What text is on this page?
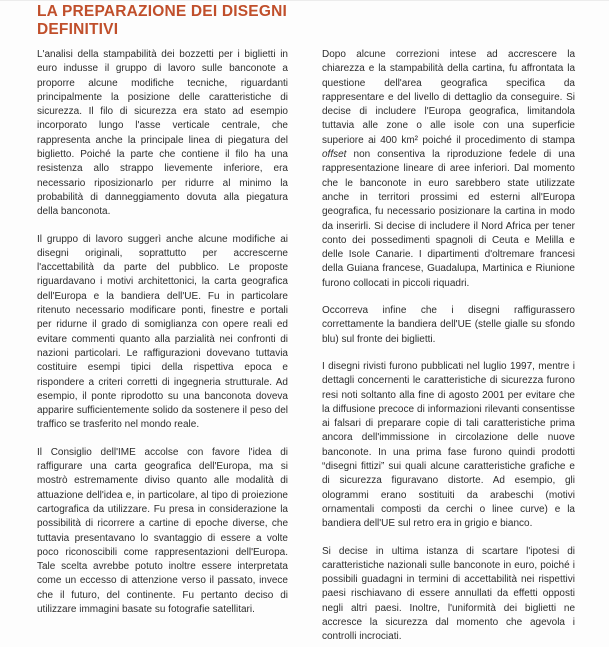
LA PREPARAZIONE DEI DISEGNI DEFINITIVI

L'analisi della stampabilità dei bozzetti per i biglietti in euro indusse il gruppo di lavoro sulle banconote a proporre alcune modifiche tecniche, riguardanti principalmente la posizione delle caratteristiche di sicurezza. Il filo di sicurezza era stato ad esempio incorporato lungo l'asse verticale centrale, che rappresenta anche la principale linea di piegatura del biglietto. Poiché la parte che contiene il filo ha una resistenza allo strappo lievemente inferiore, era necessario riposizionarlo per ridurre al minimo la probabilità di danneggiamento dovuta alla piegatura della banconota.

Il gruppo di lavoro suggerì anche alcune modifiche ai disegni originali, soprattutto per accrescerne l'accettabilità da parte del pubblico. Le proposte riguardavano i motivi architettonici, la carta geografica dell'Europa e la bandiera dell'UE. Fu in particolare ritenuto necessario modificare ponti, finestre e portali per ridurne il grado di somiglianza con opere reali ed evitare commenti quanto alla parzialità nei confronti di nazioni particolari. Le raffigurazioni dovevano tuttavia costituire esempi tipici della rispettiva epoca e rispondere a criteri corretti di ingegneria strutturale. Ad esempio, il ponte riprodotto su una banconota doveva apparire sufficientemente solido da sostenere il peso del traffico se trasferito nel mondo reale.

Il Consiglio dell'IME accolse con favore l'idea di raffigurare una carta geografica dell'Europa, ma si mostrò estremamente diviso quanto alle modalità di attuazione dell'idea e, in particolare, al tipo di proiezione cartografica da utilizzare. Fu presa in considerazione la possibilità di ricorrere a cartine di epoche diverse, che tuttavia presentavano lo svantaggio di essere a volte poco riconoscibili come rappresentazioni dell'Europa. Tale scelta avrebbe potuto inoltre essere interpretata come un eccesso di attenzione verso il passato, invece che il futuro, del continente. Fu pertanto deciso di utilizzare immagini basate su fotografie satellitari.

Dopo alcune correzioni intese ad accrescere la chiarezza e la stampabilità della cartina, fu affrontata la questione dell'area geografica specifica da rappresentare e del livello di dettaglio da conseguire. Si decise di includere l'Europa geografica, limitandola tuttavia alle zone o alle isole con una superficie superiore ai 400 km² poiché il procedimento di stampa offset non consentiva la riproduzione fedele di una rappresentazione lineare di aree inferiori. Dal momento che le banconote in euro sarebbero state utilizzate anche in territori prossimi ed esterni all'Europa geografica, fu necessario posizionare la cartina in modo da inserirli. Si decise di includere il Nord Africa per tener conto dei possedimenti spagnoli di Ceuta e Melilla e delle Isole Canarie. I dipartimenti d'oltremare francesi della Guiana francese, Guadalupa, Martinica e Riunione furono collocati in piccoli riquadri.

Occorreva infine che i disegni raffigurassero correttamente la bandiera dell'UE (stelle gialle su sfondo blu) sul fronte dei biglietti.

I disegni rivisti furono pubblicati nel luglio 1997, mentre i dettagli concernenti le caratteristiche di sicurezza furono resi noti soltanto alla fine di agosto 2001 per evitare che la diffusione precoce di informazioni rilevanti consentisse ai falsari di preparare copie di tali caratteristiche prima ancora dell'immissione in circolazione delle nuove banconote. In una prima fase furono quindi prodotti “disegni fittizi” sui quali alcune caratteristiche grafiche e di sicurezza figuravano distorte. Ad esempio, gli ologrammi erano sostituiti da arabeschi (motivi ornamentali composti da cerchi o linee curve) e la bandiera dell'UE sul retro era in grigio e bianco.

Si decise in ultima istanza di scartare l'ipotesi di caratteristiche nazionali sulle banconote in euro, poiché i possibili guadagni in termini di accettabilità nei rispettivi paesi rischiavano di essere annullati da effetti opposti negli altri paesi. Inoltre, l'uniformità dei biglietti ne accresce la sicurezza dal momento che agevola i controlli incrociati.
